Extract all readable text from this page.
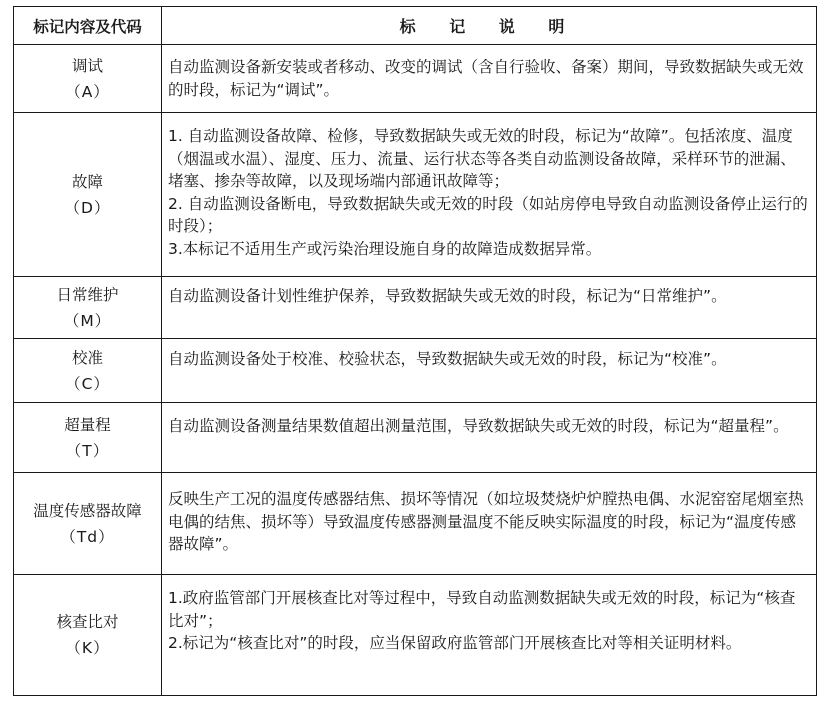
标记内容及代码	标 记 说 明
调试
（A）

自动监测设备新安装或者移动、改变的调试（含自行验收、备案）期间，导致数据缺失或无效的时段，标记为“调试”。

故障
（D）

1. 自动监测设备故障、检修，导致数据缺失或无效的时段，标记为“故障”。包括浓度、温度（烟温或水温）、湿度、压力、流量、运行状态等各类自动监测设备故障，采样环节的泄漏、堵塞、掺杂等故障，以及现场端内部通讯故障等；

2. 自动监测设备断电，导致数据缺失或无效的时段（如站房停电导致自动监测设备停止运行的时段）；

3.本标记不适用生产或污染治理设施自身的故障造成数据异常。

日常维护
（M）

自动监测设备计划性维护保养，导致数据缺失或无效的时段，标记为“日常维护”。

校准
（C）

自动监测设备处于校准、校验状态，导致数据缺失或无效的时段，标记为“校准”。

超量程
（T）

自动监测设备测量结果数值超出测量范围，导致数据缺失或无效的时段，标记为“超量程”。

温度传感器故障
（Td）

反映生产工况的温度传感器结焦、损坏等情况（如垃圾焚烧炉炉膛热电偶、水泥窑窑尾烟室热电偶的结焦、损坏等）导致温度传感器测量温度不能反映实际温度的时段，标记为“温度传感器故障”。

核查比对
（K）

1.政府监管部门开展核查比对等过程中，导致自动监测数据缺失或无效的时段，标记为“核查比对”；

2.标记为“核查比对”的时段，应当保留政府监管部门开展核查比对等相关证明材料。
